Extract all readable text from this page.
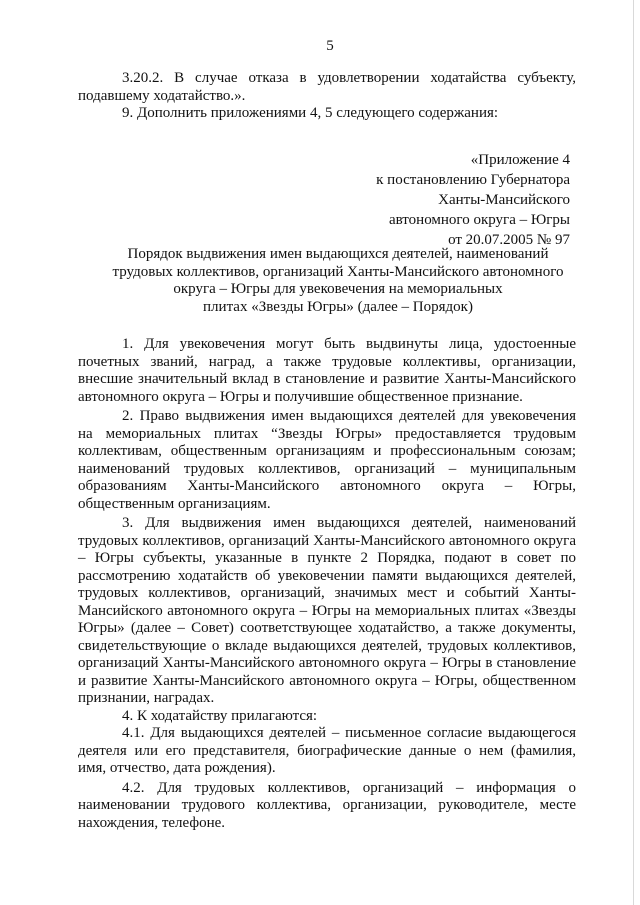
5

3.20.2. В случае отказа в удовлетворении ходатайства субъекту, подавшему ходатайство.».

9. Дополнить приложениями 4, 5 следующего содержания:

«Приложение 4
к постановлению Губернатора
Ханты-Мансийского
автономного округа – Югры
от 20.07.2005 № 97
Порядок выдвижения имен выдающихся деятелей, наименований
трудовых коллективов, организаций Ханты-Мансийского автономного
округа – Югры для увековечения на мемориальных
плитах «Звезды Югры» (далее – Порядок)

1. Для увековечения могут быть выдвинуты лица, удостоенные почетных званий, наград, а также трудовые коллективы, организации, внесшие значительный вклад в становление и развитие Ханты-Мансийского автономного округа – Югры и получившие общественное признание.

2. Право выдвижения имен выдающихся деятелей для увековечения на мемориальных плитах “Звезды Югры» предоставляется трудовым коллективам, общественным организациям и профессиональным союзам; наименований трудовых коллективов, организаций – муниципальным образованиям Ханты-Мансийского автономного округа – Югры, общественным организациям.

3. Для выдвижения имен выдающихся деятелей, наименований трудовых коллективов, организаций Ханты-Мансийского автономного округа – Югры субъекты, указанные в пункте 2 Порядка, подают в совет по рассмотрению ходатайств об увековечении памяти выдающихся деятелей, трудовых коллективов, организаций, значимых мест и событий Ханты-Мансийского автономного округа – Югры на мемориальных плитах «Звезды Югры» (далее – Совет) соответствующее ходатайство, а также документы, свидетельствующие о вкладе выдающихся деятелей, трудовых коллективов, организаций Ханты-Мансийского автономного округа – Югры в становление и развитие Ханты-Мансийского автономного округа – Югры, общественном признании, наградах.

4. К ходатайству прилагаются:

4.1. Для выдающихся деятелей – письменное согласие выдающегося деятеля или его представителя, биографические данные о нем (фамилия, имя, отчество, дата рождения).

4.2. Для трудовых коллективов, организаций – информация о наименовании трудового коллектива, организации, руководителе, месте нахождения, телефоне.
